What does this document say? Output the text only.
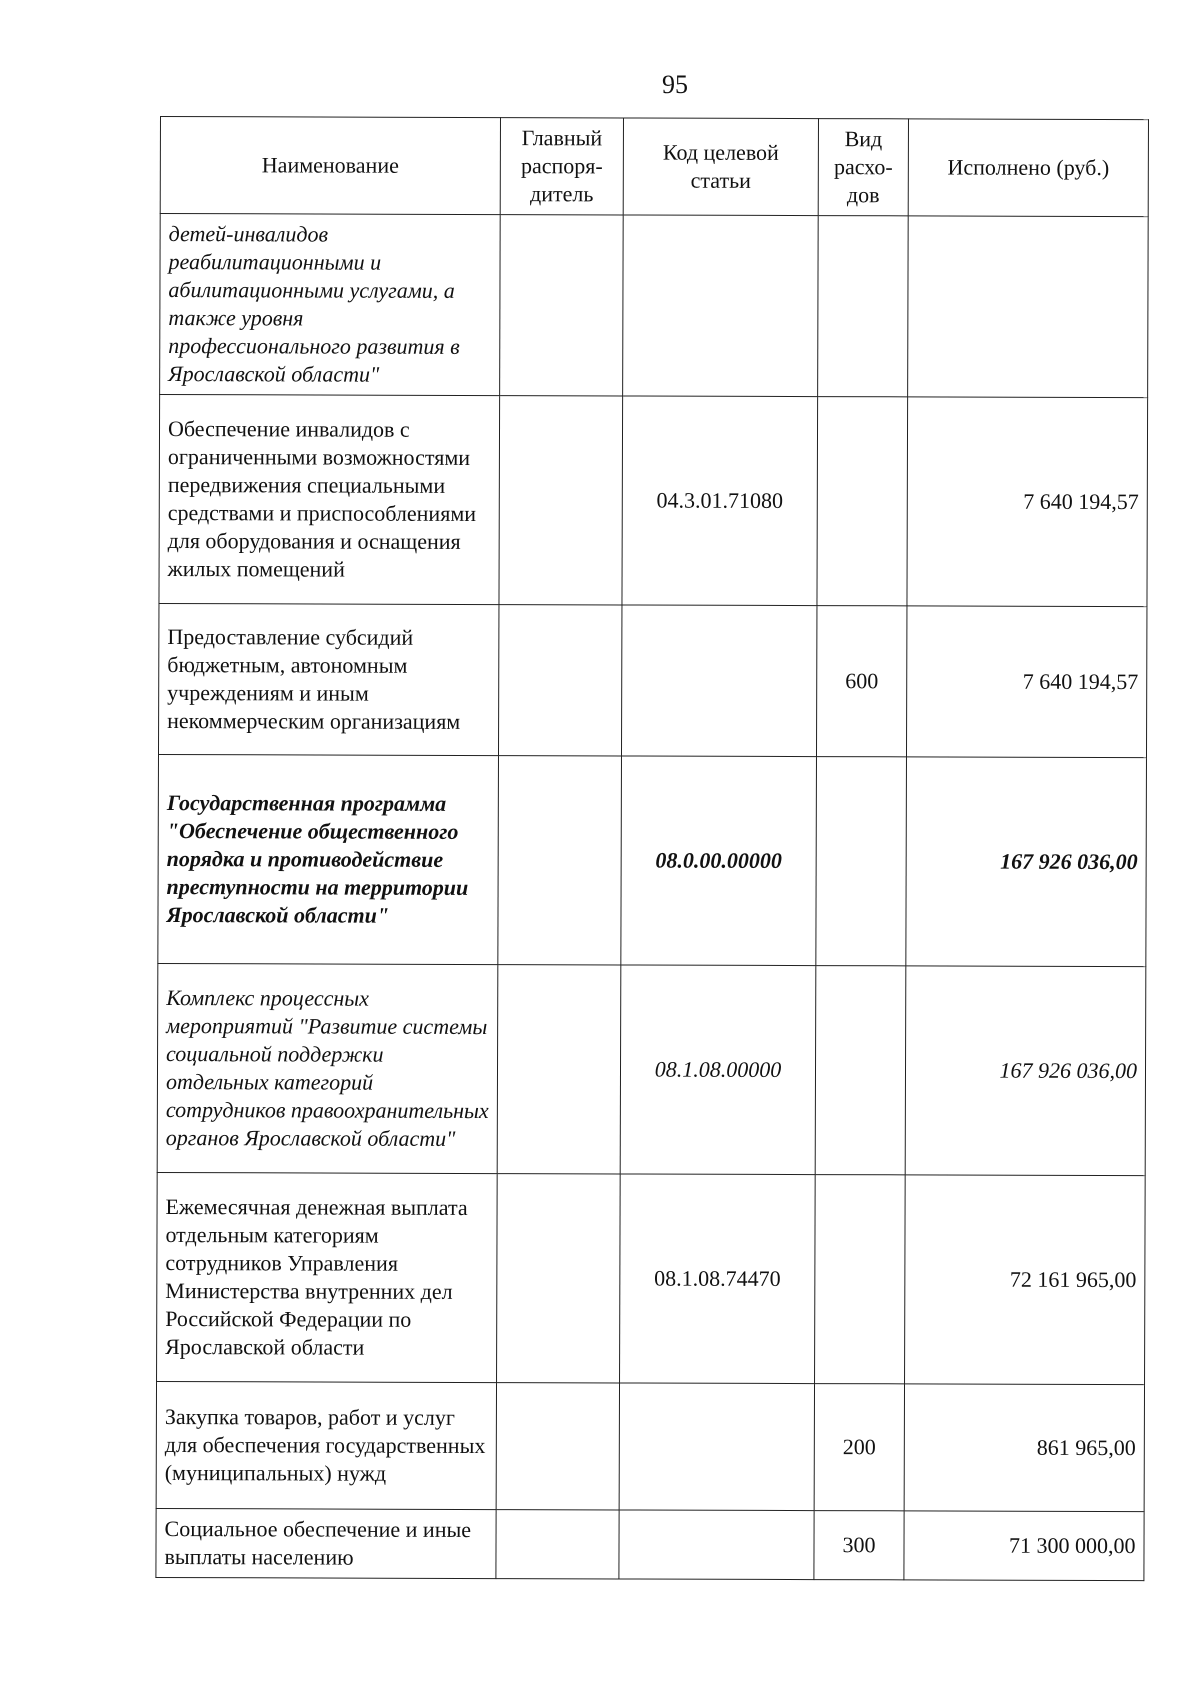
95
Наименование	Главный распоря-дитель	Код целевой статьи	Вид расхо-дов	Исполнено (руб.)
детей-инвалидов реабилитационными и абилитационными услугами, а также уровня профессионального развития в Ярославской области"				
Обеспечение инвалидов с ограниченными возможностями передвижения специальными средствами и приспособлениями для оборудования и оснащения жилых помещений		04.3.01.71080		7 640 194,57
Предоставление субсидий бюджетным, автономным учреждениям и иным некоммерческим организациям			600	7 640 194,57
Государственная программа "Обеспечение общественного порядка и противодействие преступности на территории Ярославской области"		08.0.00.00000		167 926 036,00
Комплекс процессных мероприятий "Развитие системы социальной поддержки отдельных категорий сотрудников правоохранительных органов Ярославской области"		08.1.08.00000		167 926 036,00
Ежемесячная денежная выплата отдельным категориям сотрудников Управления Министерства внутренних дел Российской Федерации по Ярославской области		08.1.08.74470		72 161 965,00
Закупка товаров, работ и услуг для обеспечения государственных (муниципальных) нужд			200	861 965,00
Социальное обеспечение и иные выплаты населению			300	71 300 000,00
